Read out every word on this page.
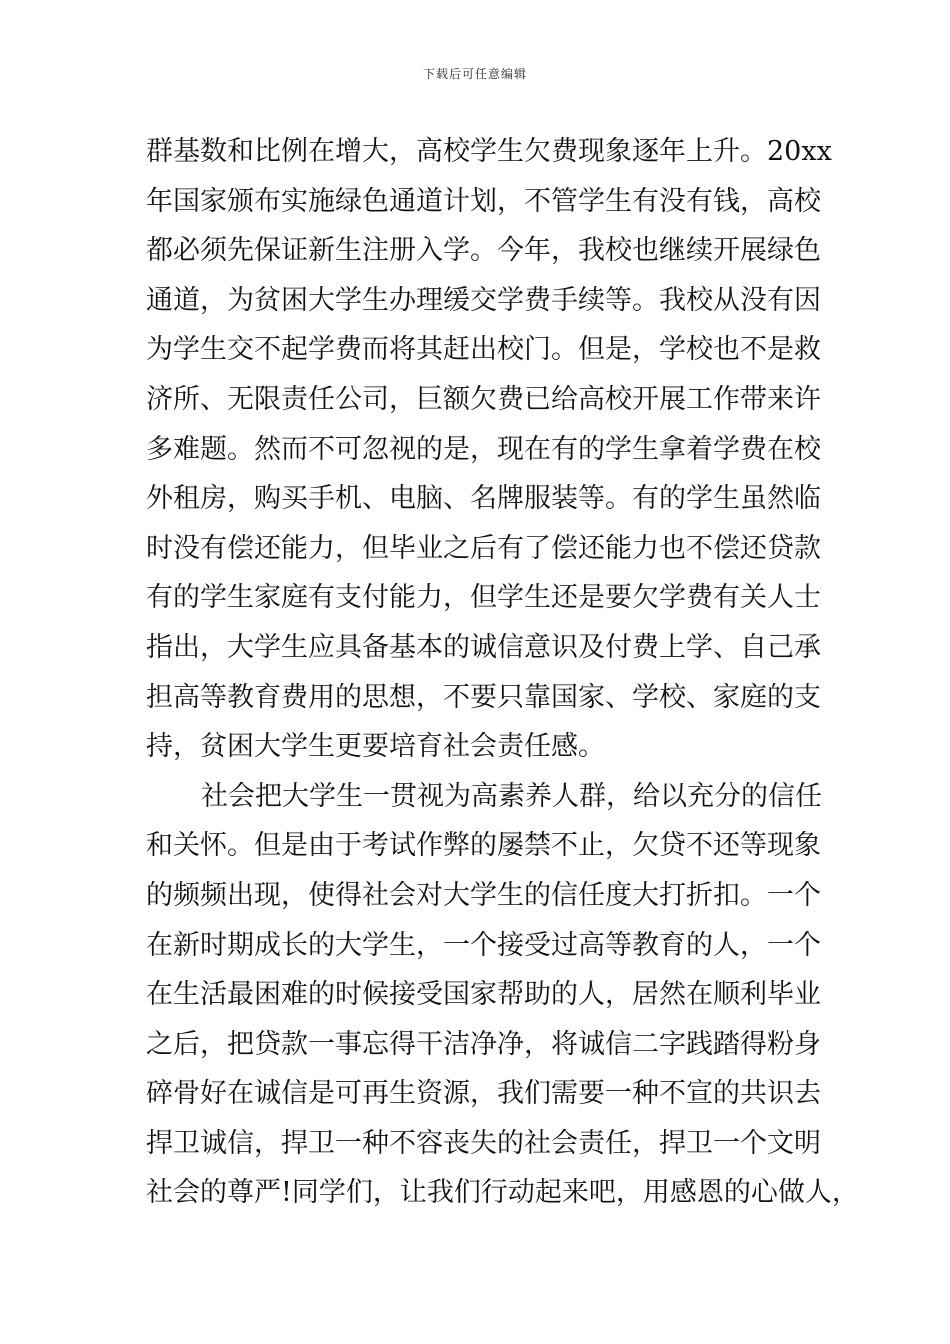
下载后可任意编辑
群基数和比例在增大，高校学生欠费现象逐年上升。20xx
年国家颁布实施绿色通道计划，不管学生有没有钱，高校
都必须先保证新生注册入学。今年，我校也继续开展绿色
通道，为贫困大学生办理缓交学费手续等。我校从没有因
为学生交不起学费而将其赶出校门。但是，学校也不是救
济所、无限责任公司，巨额欠费已给高校开展工作带来许
多难题。然而不可忽视的是，现在有的学生拿着学费在校
外租房，购买手机、电脑、名牌服装等。有的学生虽然临
时没有偿还能力，但毕业之后有了偿还能力也不偿还贷款
有的学生家庭有支付能力，但学生还是要欠学费有关人士
指出，大学生应具备基本的诚信意识及付费上学、自己承
担高等教育费用的思想，不要只靠国家、学校、家庭的支
持，贫困大学生更要培育社会责任感。
社会把大学生一贯视为高素养人群，给以充分的信任
和关怀。但是由于考试作弊的屡禁不止，欠贷不还等现象
的频频出现，使得社会对大学生的信任度大打折扣。一个
在新时期成长的大学生，一个接受过高等教育的人，一个
在生活最困难的时候接受国家帮助的人，居然在顺利毕业
之后，把贷款一事忘得干洁净净，将诚信二字践踏得粉身
碎骨好在诚信是可再生资源，我们需要一种不宣的共识去
捍卫诚信，捍卫一种不容丧失的社会责任，捍卫一个文明
社会的尊严!同学们，让我们行动起来吧，用感恩的心做人，
